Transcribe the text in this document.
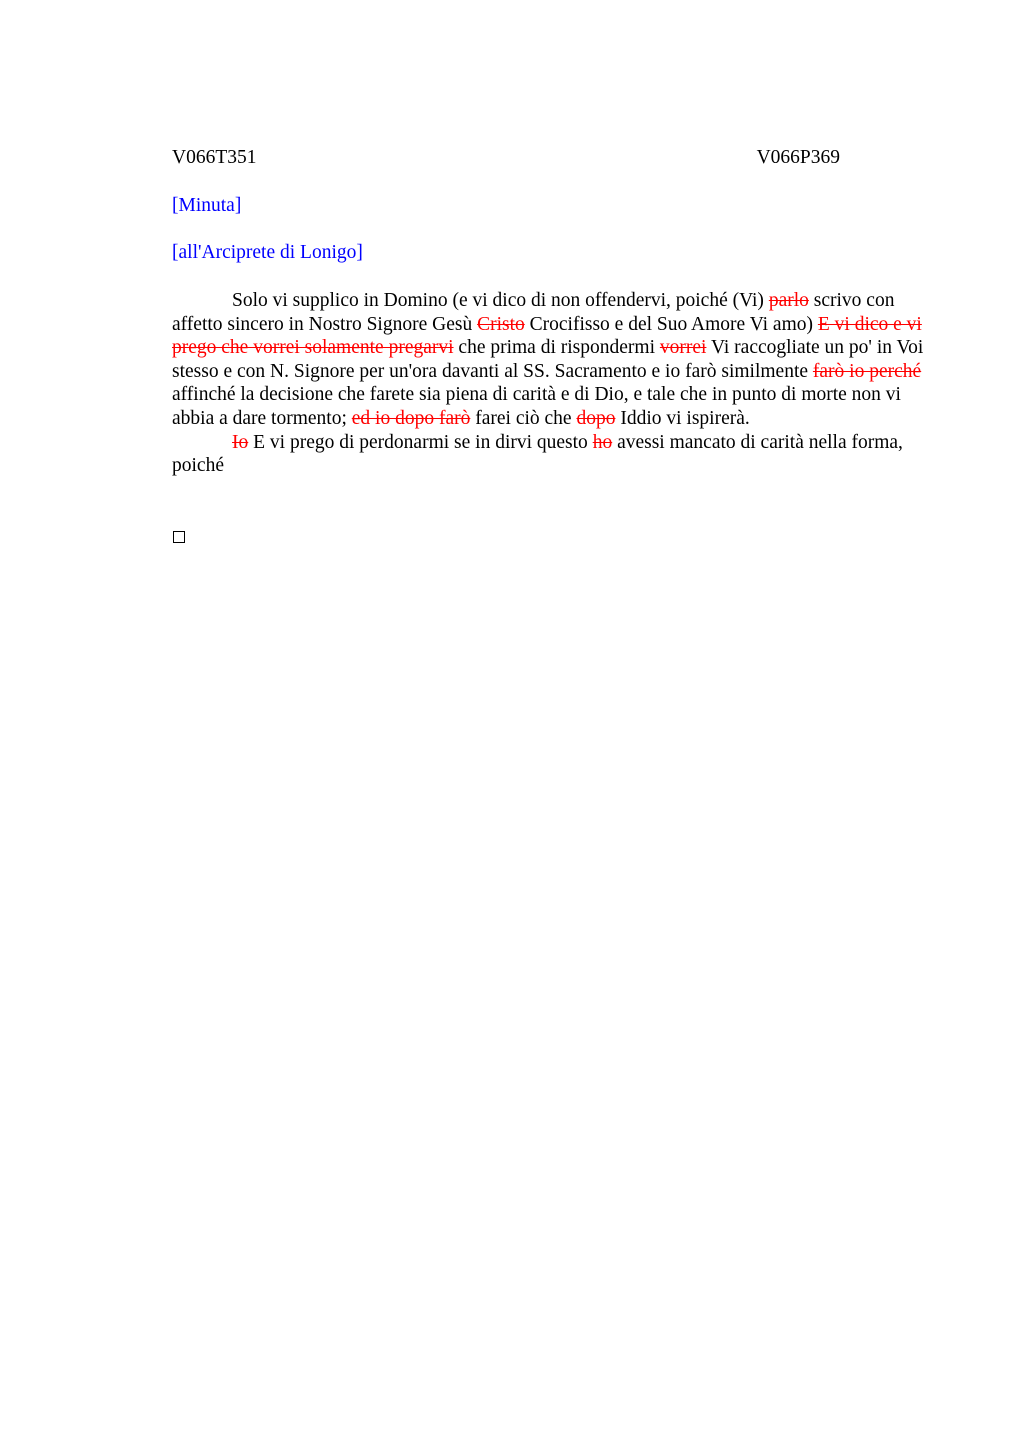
V066T351	V066P369
[Minuta]
[all'Arciprete di Lonigo]

Solo vi supplico in Domino (e vi dico di non offendervi, poiché (Vi) parlo scrivo con affetto sincero in Nostro Signore Gesù Cristo Crocifisso e del Suo Amore Vi amo) E vi dico e vi prego che vorrei solamente pregarvi che prima di rispondermi vorrei Vi raccogliate un po' in Voi stesso e con N. Signore per un'ora davanti al SS. Sacramento e io farò similmente farò io perché affinché la decisione che farete sia piena di carità e di Dio, e tale che in punto di morte non vi abbia a dare tormento; ed io dopo farò farei ciò che dopo Iddio vi ispirerà.

Io E vi prego di perdonarmi se in dirvi questo ho avessi mancato di carità nella forma, poiché
